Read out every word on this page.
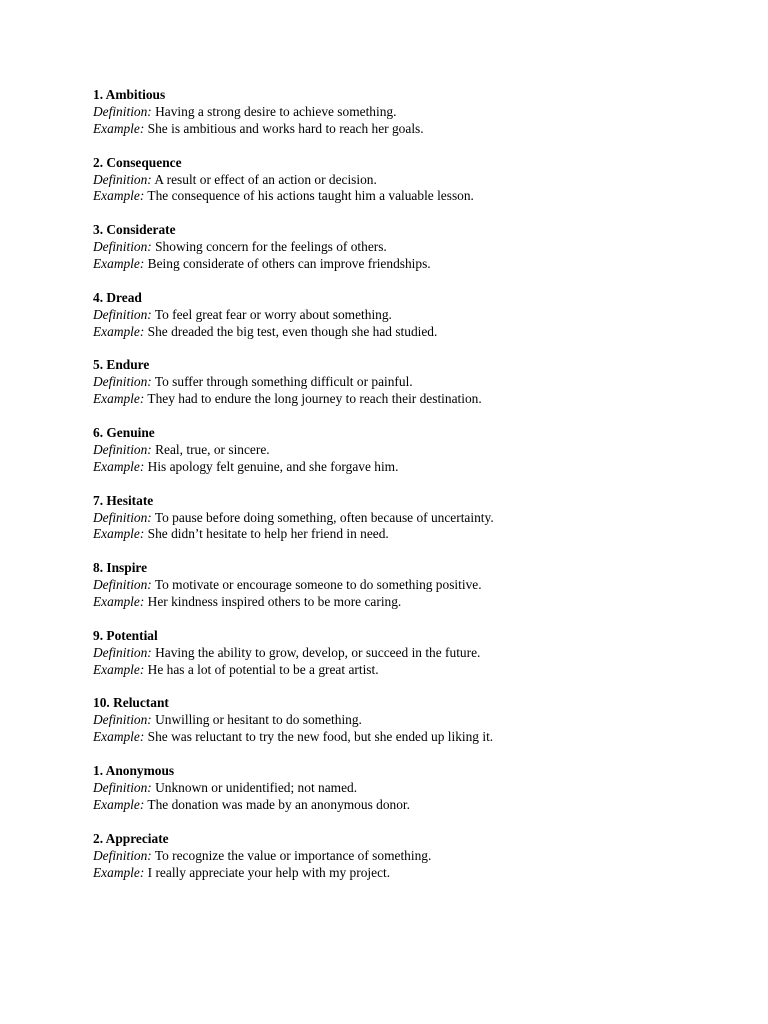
1. Ambitious
Definition: Having a strong desire to achieve something.
Example: She is ambitious and works hard to reach her goals.
2. Consequence
Definition: A result or effect of an action or decision.
Example: The consequence of his actions taught him a valuable lesson.
3. Considerate
Definition: Showing concern for the feelings of others.
Example: Being considerate of others can improve friendships.
4. Dread
Definition: To feel great fear or worry about something.
Example: She dreaded the big test, even though she had studied.
5. Endure
Definition: To suffer through something difficult or painful.
Example: They had to endure the long journey to reach their destination.
6. Genuine
Definition: Real, true, or sincere.
Example: His apology felt genuine, and she forgave him.
7. Hesitate
Definition: To pause before doing something, often because of uncertainty.
Example: She didn’t hesitate to help her friend in need.
8. Inspire
Definition: To motivate or encourage someone to do something positive.
Example: Her kindness inspired others to be more caring.
9. Potential
Definition: Having the ability to grow, develop, or succeed in the future.
Example: He has a lot of potential to be a great artist.
10. Reluctant
Definition: Unwilling or hesitant to do something.
Example: She was reluctant to try the new food, but she ended up liking it.
1. Anonymous
Definition: Unknown or unidentified; not named.
Example: The donation was made by an anonymous donor.
2. Appreciate
Definition: To recognize the value or importance of something.
Example: I really appreciate your help with my project.
